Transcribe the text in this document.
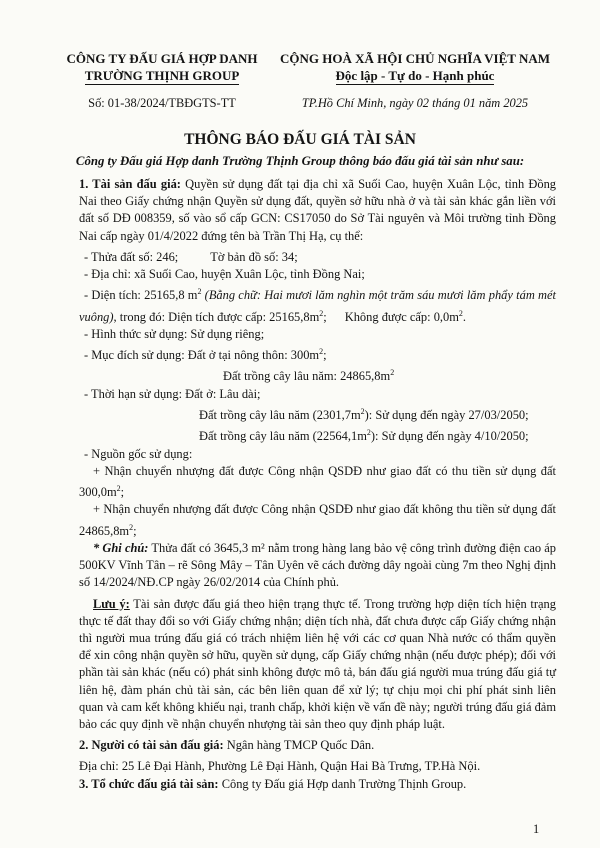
CÔNG TY ĐẤU GIÁ HỢP DANH
TRƯỜNG THỊNH GROUP
CỘNG HOÀ XÃ HỘI CHỦ NGHĨA VIỆT NAM
Độc lập - Tự do - Hạnh phúc
Số: 01-38/2024/TBĐGTS-TT	TP.Hồ Chí Minh, ngày 02 tháng 01 năm 2025
THÔNG BÁO ĐẤU GIÁ TÀI SẢN
Công ty Đấu giá Hợp danh Trường Thịnh Group thông báo đấu giá tài sản như sau:

1. Tài sản đấu giá: Quyền sử dụng đất tại địa chỉ xã Suối Cao, huyện Xuân Lộc, tỉnh Đồng Nai theo Giấy chứng nhận Quyền sử dụng đất, quyền sở hữu nhà ở và tài sản khác gắn liền với đất số DĐ 008359, số vào sổ cấp GCN: CS17050 do Sở Tài nguyên và Môi trường tỉnh Đồng Nai cấp ngày 01/4/2022 đứng tên bà Trần Thị Hạ, cụ thể:

- Thửa đất số: 246;	Tờ bản đồ số: 34;

- Địa chỉ: xã Suối Cao, huyện Xuân Lộc, tỉnh Đồng Nai;

- Diện tích: 25165,8 $m^2$ (Bằng chữ: Hai mươi lăm nghìn một trăm sáu mươi lăm phẩy tám mét vuông), trong đó: Diện tích được cấp: $25165,8m^2$; Không được cấp: $0,0m^2$.

- Hình thức sử dụng: Sử dụng riêng;

- Mục đích sử dụng: Đất ở tại nông thôn: $300m^2$;

Đất trồng cây lâu năm: $24865,8m^2$

- Thời hạn sử dụng: Đất ở: Lâu dài;

Đất trồng cây lâu năm $(2301,7m^2)$: Sử dụng đến ngày 27/03/2050;

Đất trồng cây lâu năm $(22564,1m^2)$: Sử dụng đến ngày 4/10/2050;

- Nguồn gốc sử dụng:

+ Nhận chuyển nhượng đất được Công nhận QSDĐ như giao đất có thu tiền sử dụng đất $300,0m^2$;

+ Nhận chuyển nhượng đất được Công nhận QSDĐ như giao đất không thu tiền sử dụng đất $24865,8m^2$;

* Ghi chú: Thửa đất có 3645,3 m² nằm trong hàng lang bảo vệ công trình đường điện cao áp 500KV Vĩnh Tân – rẽ Sông Mây – Tân Uyên vẽ cách đường dây ngoài cùng 7m theo Nghị định số 14/2024/NĐ.CP ngày 26/02/2014 của Chính phủ.

Lưu ý: Tài sản được đấu giá theo hiện trạng thực tế. Trong trường hợp diện tích hiện trạng thực tế đất thay đổi so với Giấy chứng nhận; diện tích nhà, đất chưa được cấp Giấy chứng nhận thì người mua trúng đấu giá có trách nhiệm liên hệ với các cơ quan Nhà nước có thẩm quyền để xin công nhận quyền sở hữu, quyền sử dụng, cấp Giấy chứng nhận (nếu được phép); đối với phần tài sản khác (nếu có) phát sinh không được mô tả, bán đấu giá người mua trúng đấu giá tự liên hệ, đàm phán chủ tài sản, các bên liên quan để xử lý; tự chịu mọi chi phí phát sinh liên quan và cam kết không khiếu nại, tranh chấp, khởi kiện về vấn đề này; người trúng đấu giá đảm bảo các quy định về nhận chuyển nhượng tài sản theo quy định pháp luật.

2. Người có tài sản đấu giá: Ngân hàng TMCP Quốc Dân.

Địa chỉ: 25 Lê Đại Hành, Phường Lê Đại Hành, Quận Hai Bà Trưng, TP.Hà Nội.

3. Tổ chức đấu giá tài sản: Công ty Đấu giá Hợp danh Trường Thịnh Group.

1
